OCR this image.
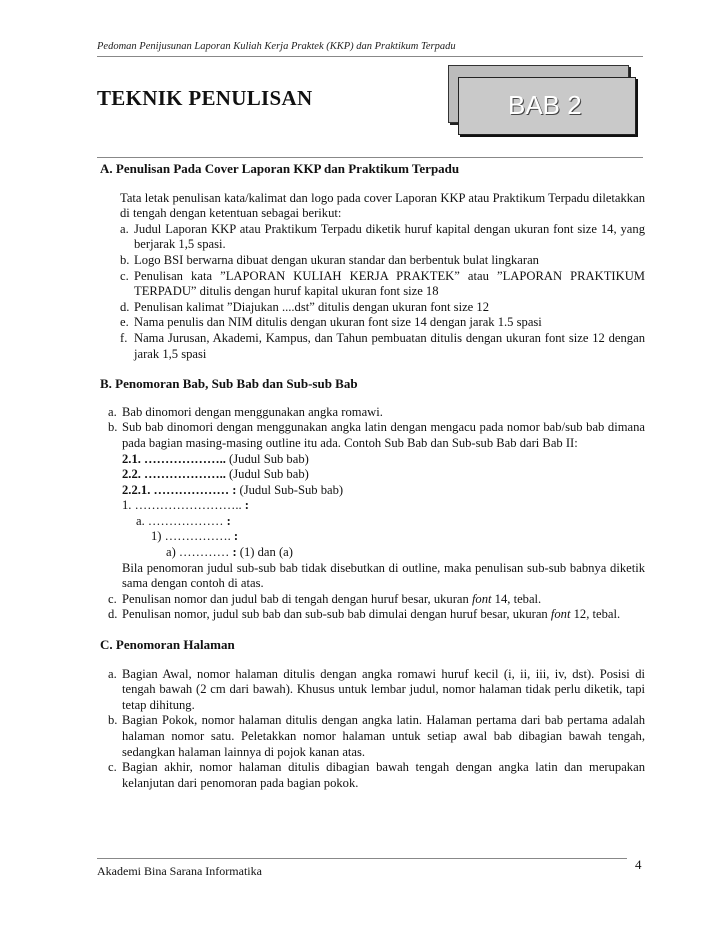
Pedoman Penijusunan Laporan Kuliah Kerja Praktek (KKP) dan Praktikum Terpadu
TEKNIK PENULISAN	BAB 2
A. Penulisan Pada Cover Laporan KKP dan Praktikum Terpadu

Tata letak penulisan kata/kalimat dan logo pada cover Laporan KKP atau Praktikum Terpadu diletakkan di tengah dengan ketentuan sebagai berikut:

a. Judul Laporan KKP atau Praktikum Terpadu diketik huruf kapital dengan ukuran font size 14, yang berjarak 1,5 spasi.
b. Logo BSI berwarna dibuat dengan ukuran standar dan berbentuk bulat lingkaran
c. Penulisan kata ”LAPORAN KULIAH KERJA PRAKTEK” atau ”LAPORAN PRAKTIKUM TERPADU” ditulis dengan huruf kapital ukuran font size 18
d. Penulisan kalimat ”Diajukan ....dst” ditulis dengan ukuran font size 12
e. Nama penulis dan NIM ditulis dengan ukuran font size 14 dengan jarak 1.5 spasi
f. Nama Jurusan, Akademi, Kampus, dan Tahun pembuatan ditulis dengan ukuran font size 12 dengan jarak 1,5 spasi
B. Penomoran Bab, Sub Bab dan Sub-sub Bab
a. Bab dinomori dengan menggunakan angka romawi.
b. Sub bab dinomori dengan menggunakan angka latin dengan mengacu pada nomor bab/sub bab dimana pada bagian masing-masing outline itu ada. Contoh Sub Bab dan Sub-sub Bab dari Bab II:
2.1. ……………….. (Judul Sub bab)
2.2. ……………….. (Judul Sub bab)
2.2.1. ……………… : (Judul Sub-Sub bab)
1. …………………….. :
a. ……………… :
1) ……………. :
a) ………… : (1) dan (a)
Bila penomoran judul sub-sub bab tidak disebutkan di outline, maka penulisan sub-sub babnya diketik sama dengan contoh di atas.
c. Penulisan nomor dan judul bab di tengah dengan huruf besar, ukuran font 14, tebal.
d. Penulisan nomor, judul sub bab dan sub-sub bab dimulai dengan huruf besar, ukuran font 12, tebal.
C. Penomoran Halaman
a. Bagian Awal, nomor halaman ditulis dengan angka romawi huruf kecil (i, ii, iii, iv, dst). Posisi di tengah bawah (2 cm dari bawah). Khusus untuk lembar judul, nomor halaman tidak perlu diketik, tapi tetap dihitung.
b. Bagian Pokok, nomor halaman ditulis dengan angka latin. Halaman pertama dari bab pertama adalah halaman nomor satu. Peletakkan nomor halaman untuk setiap awal bab dibagian bawah tengah, sedangkan halaman lainnya di pojok kanan atas.
c. Bagian akhir, nomor halaman ditulis dibagian bawah tengah dengan angka latin dan merupakan kelanjutan dari penomoran pada bagian pokok.
Akademi Bina Sarana Informatika	4
